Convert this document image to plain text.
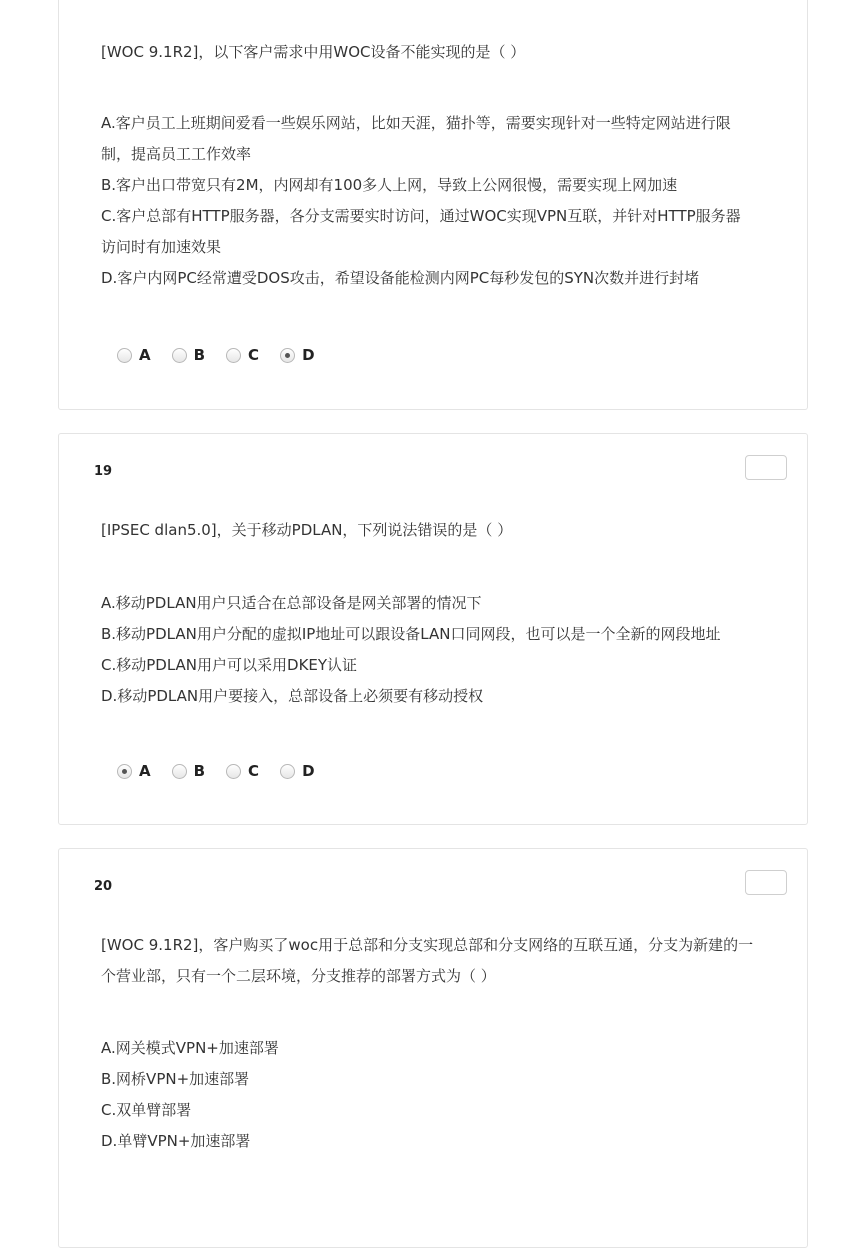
[WOC 9.1R2]，以下客户需求中用WOC设备不能实现的是（ ）
A.客户员工上班期间爱看一些娱乐网站，比如天涯，猫扑等，需要实现针对一些特定网站进行限
制，提高员工工作效率
B.客户出口带宽只有2M，内网却有100多人上网，导致上公网很慢，需要实现上网加速
C.客户总部有HTTP服务器，各分支需要实时访问，通过WOC实现VPN互联，并针对HTTP服务器
访问时有加速效果
D.客户内网PC经常遭受DOS攻击，希望设备能检测内网PC每秒发包的SYN次数并进行封堵
A	B	C	D
19
[IPSEC dlan5.0]，关于移动PDLAN，下列说法错误的是（ ）
A.移动PDLAN用户只适合在总部设备是网关部署的情况下
B.移动PDLAN用户分配的虚拟IP地址可以跟设备LAN口同网段，也可以是一个全新的网段地址
C.移动PDLAN用户可以采用DKEY认证
D.移动PDLAN用户要接入，总部设备上必须要有移动授权
A	B	C	D
20
[WOC 9.1R2]，客户购买了woc用于总部和分支实现总部和分支网络的互联互通，分支为新建的一
个营业部，只有一个二层环境，分支推荐的部署方式为（ ）
A.网关模式VPN+加速部署
B.网桥VPN+加速部署
C.双单臂部署
D.单臂VPN+加速部署
